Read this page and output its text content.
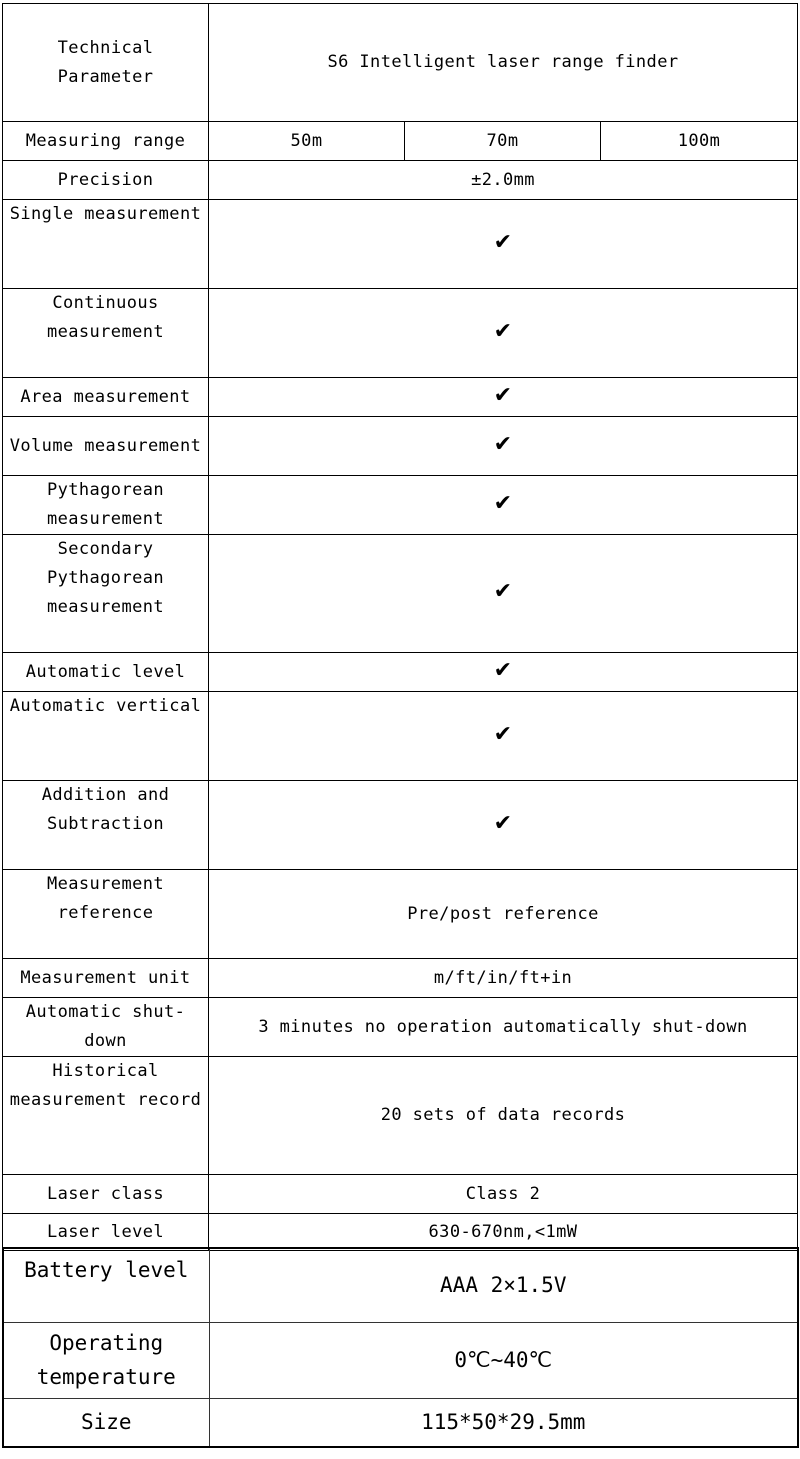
Technical Parameter	S6 Intelligent laser range finder		
Measuring range	50m	70m	100m
Precision	±2.0mm		
Single measurement	✔		
Continuous measurement	✔		
Area measurement	✔		
Volume measurement	✔		
Pythagorean measurement	✔		
Secondary Pythagorean measurement	✔		
Automatic level	✔		
Automatic vertical	✔		
Addition and Subtraction	✔		
Measurement reference	Pre/post reference		
Measurement unit	m/ft/in/ft+in		
Automatic shut-down	3 minutes no operation automatically shut-down		
Historical measurement record	20 sets of data records		
Laser class	Class 2		
Laser level	630-670nm,<1mW		
Battery level	AAA 2×1.5V
Operating temperature	0℃~40℃
Size	115*50*29.5mm
